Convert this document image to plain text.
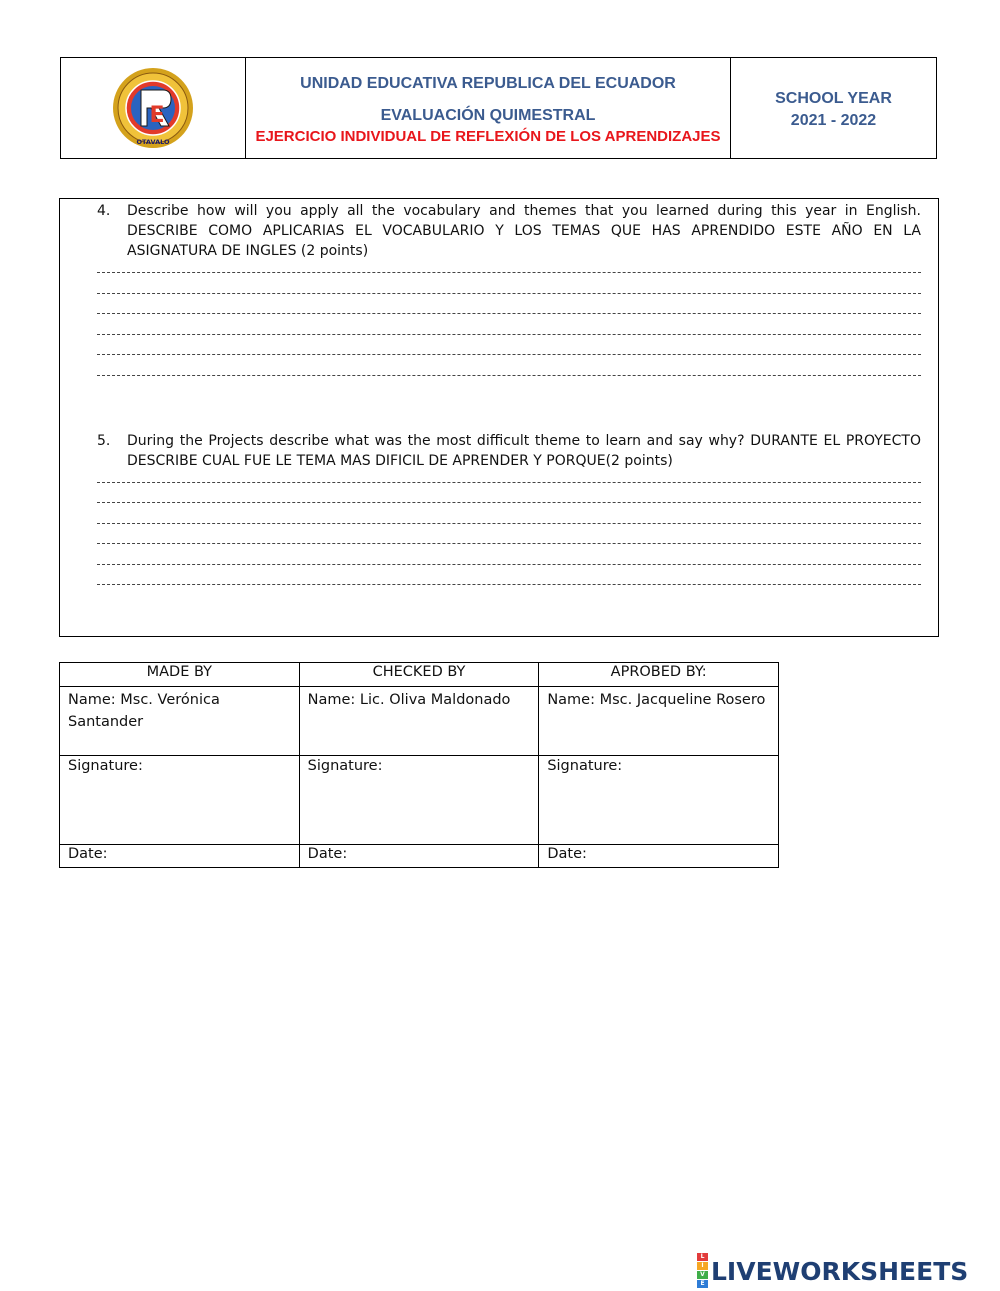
E
OTAVALO
UNIDAD EDUCATIVA REPUBLICA DEL ECUADOR
EVALUACIÓN QUIMESTRAL
EJERCICIO INDIVIDUAL DE REFLEXIÓN DE LOS APRENDIZAJES
SCHOOL YEAR
2021 - 2022
4. Describe how will you apply all the vocabulary and themes that you learned during this year in English. DESCRIBE COMO APLICARIAS EL VOCABULARIO Y LOS TEMAS QUE HAS APRENDIDO ESTE AÑO EN LA ASIGNATURA DE INGLES (2 points)
5. During the Projects describe what was the most difficult theme to learn and say why? DURANTE EL PROYECTO DESCRIBE CUAL FUE LE TEMA MAS DIFICIL DE APRENDER Y PORQUE(2 points)
MADE BY	CHECKED BY	APROBED BY:
Name: Msc. Verónica Santander	Name: Lic. Oliva Maldonado	Name: Msc. Jacqueline Rosero
Signature:	Signature:	Signature:
Date:	Date:	Date:
L
I
V
E LIVEWORKSHEETS
